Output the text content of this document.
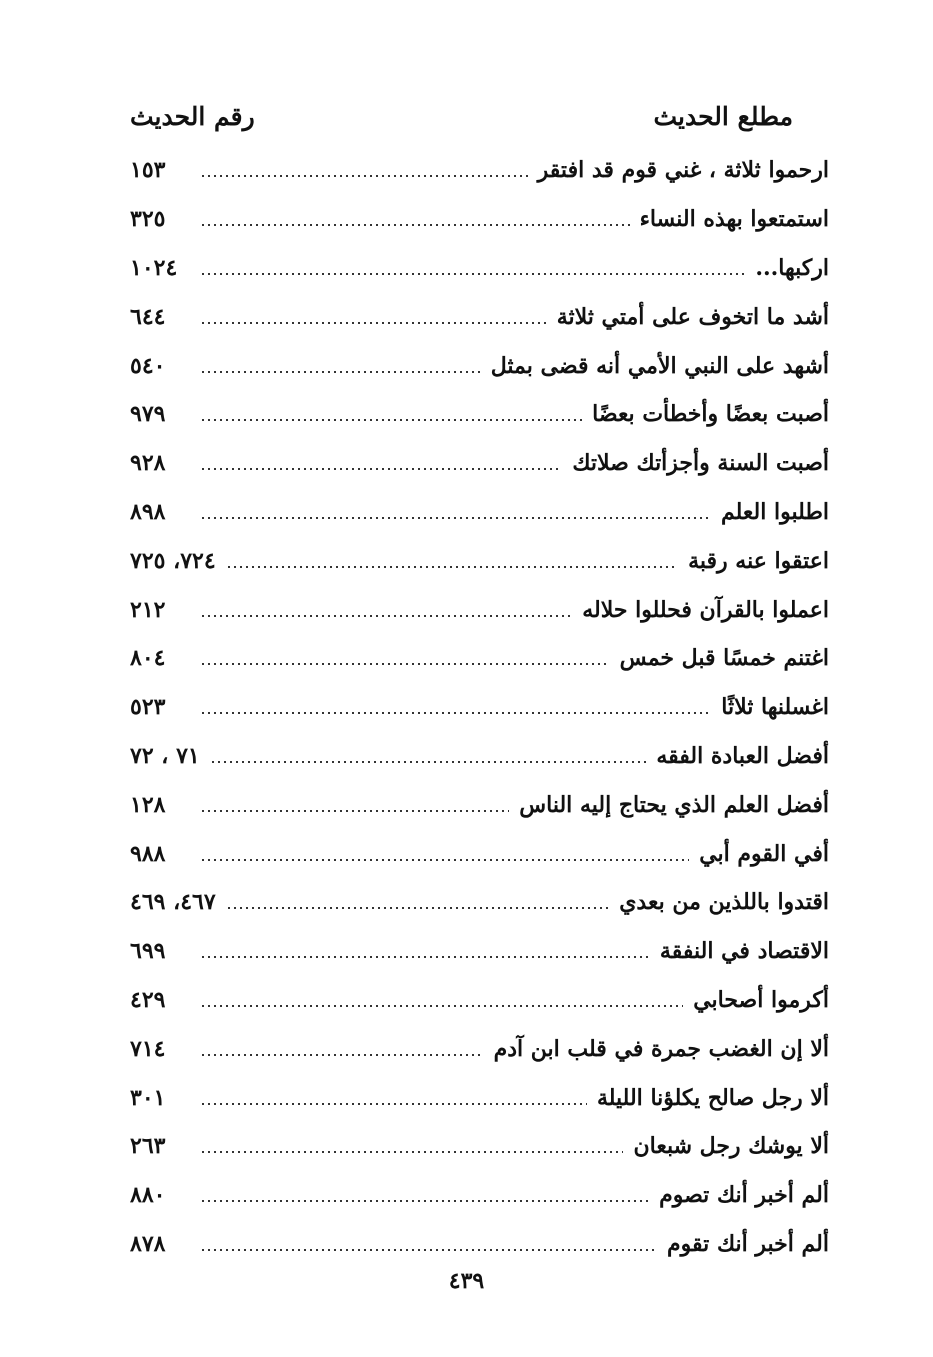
مطلع الحديث
رقم الحديث
ارحموا ثلاثة ، غني قوم قد افتقر
١٥٣
استمتعوا بهذه النساء
٣٢٥
اركبها...
١٠٢٤
أشد ما اتخوف على أمتي ثلاثة
٦٤٤
أشهد على النبي الأمي أنه قضى بمثل
٥٤٠
أصبت بعضًا وأخطأت بعضًا
٩٧٩
أصبت السنة وأجزأتك صلاتك
٩٢٨
اطلبوا العلم
٨٩٨
اعتقوا عنه رقبة
٧٢٤، ٧٢٥
اعملوا بالقرآن فحللوا حلاله
٢١٢
اغتنم خمسًا قبل خمس
٨٠٤
اغسلنها ثلاثًا
٥٢٣
أفضل العبادة الفقه
٧١ ، ٧٢
أفضل العلم الذي يحتاج إليه الناس
١٢٨
أفي القوم أبي
٩٨٨
اقتدوا باللذين من بعدي
٤٦٧، ٤٦٩
الاقتصاد في النفقة
٦٩٩
أكرموا أصحابي
٤٢٩
ألا إن الغضب جمرة في قلب ابن آدم
٧١٤
ألا رجل صالح يكلؤنا الليلة
٣٠١
ألا يوشك رجل شبعان
٢٦٣
ألم أخبر أنك تصوم
٨٨٠
ألم أخبر أنك تقوم
٨٧٨
٤٣٩
